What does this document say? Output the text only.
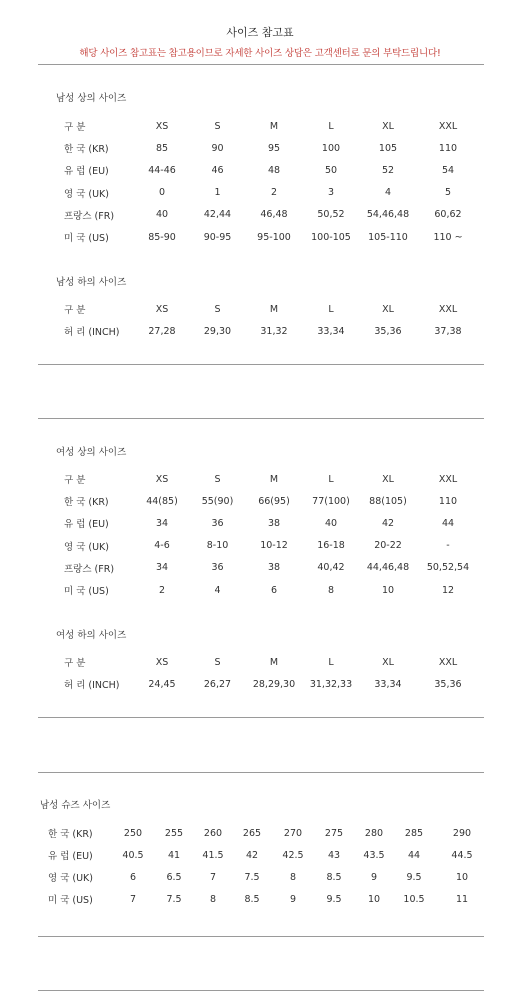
사이즈 참고표
해당 사이즈 참고표는 참고용이므로 자세한 사이즈 상담은 고객센터로 문의 부탁드립니다!
남성 상의 사이즈
구 분	XS	S	M	L	XL	XXL
한 국 (KR)	85	90	95	100	105	110
유 럽 (EU)	44-46	46	48	50	52	54
영 국 (UK)	0	1	2	3	4	5
프랑스 (FR)	40	42,44	46,48	50,52	54,46,48	60,62
미 국 (US)	85-90	90-95	95-100	100-105	105-110	110 ~
남성 하의 사이즈
구 분	XS	S	M	L	XL	XXL
허 리 (INCH)	27,28	29,30	31,32	33,34	35,36	37,38
여성 상의 사이즈
구 분	XS	S	M	L	XL	XXL
한 국 (KR)	44(85)	55(90)	66(95)	77(100)	88(105)	110
유 럽 (EU)	34	36	38	40	42	44
영 국 (UK)	4-6	8-10	10-12	16-18	20-22	-
프랑스 (FR)	34	36	38	40,42	44,46,48	50,52,54
미 국 (US)	2	4	6	8	10	12
여성 하의 사이즈
구 분	XS	S	M	L	XL	XXL
허 리 (INCH)	24,45	26,27	28,29,30	31,32,33	33,34	35,36
남성 슈즈 사이즈
한 국 (KR)	250	255	260	265	270	275	280	285	290
유 럽 (EU)	40.5	41	41.5	42	42.5	43	43.5	44	44.5
영 국 (UK)	6	6.5	7	7.5	8	8.5	9	9.5	10
미 국 (US)	7	7.5	8	8.5	9	9.5	10	10.5	11
